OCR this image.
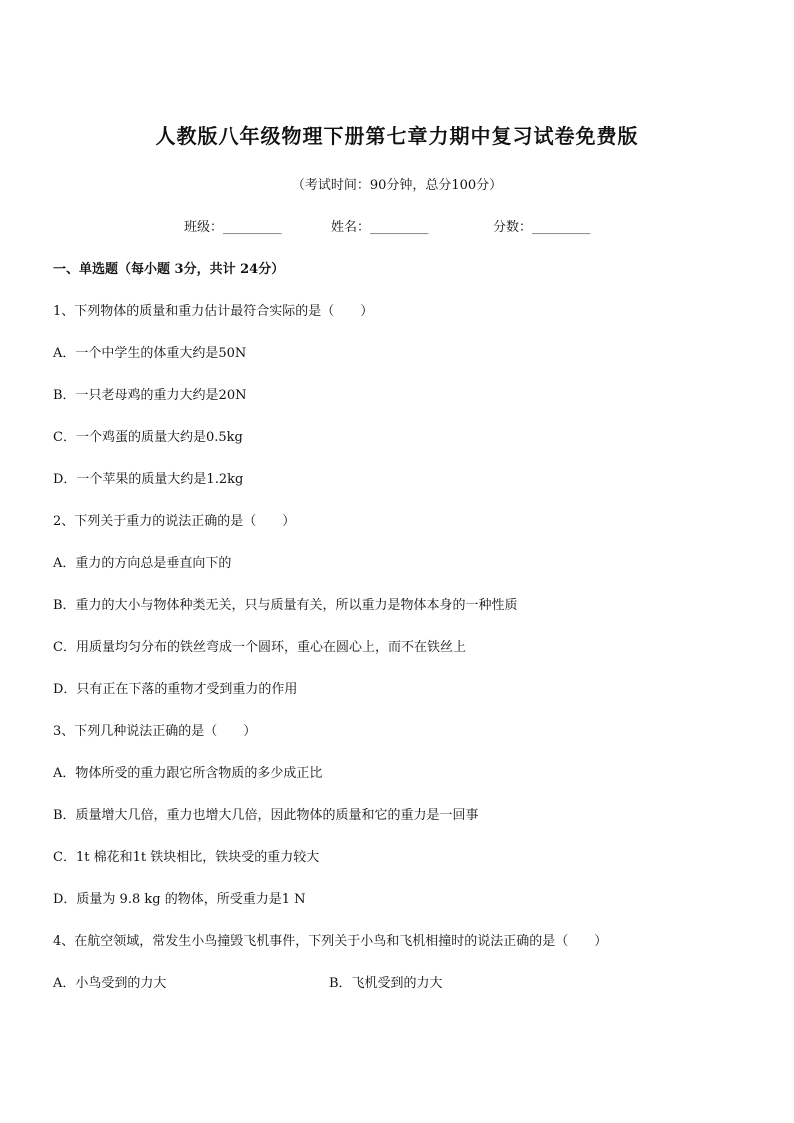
人教版八年级物理下册第七章力期中复习试卷免费版
（考试时间：90分钟，总分100分）
班级：_________	姓名：_________	分数：_________
一、单选题（每小题 3分，共计 24分）
1、下列物体的质量和重力估计最符合实际的是（　　）
A．一个中学生的体重大约是50N
B．一只老母鸡的重力大约是20N
C．一个鸡蛋的质量大约是0.5kg
D．一个苹果的质量大约是1.2kg
2、下列关于重力的说法正确的是（　　）
A．重力的方向总是垂直向下的
B．重力的大小与物体种类无关，只与质量有关，所以重力是物体本身的一种性质
C．用质量均匀分布的铁丝弯成一个圆环，重心在圆心上，而不在铁丝上
D．只有正在下落的重物才受到重力的作用
3、下列几种说法正确的是（　　）
A．物体所受的重力跟它所含物质的多少成正比
B．质量增大几倍，重力也增大几倍，因此物体的质量和它的重力是一回事
C．1t 棉花和1t 铁块相比，铁块受的重力较大
D．质量为 9.8 kg 的物体，所受重力是1 N
4、在航空领域，常发生小鸟撞毁飞机事件，下列关于小鸟和飞机相撞时的说法正确的是（　　）
A．小鸟受到的力大	B．飞机受到的力大
